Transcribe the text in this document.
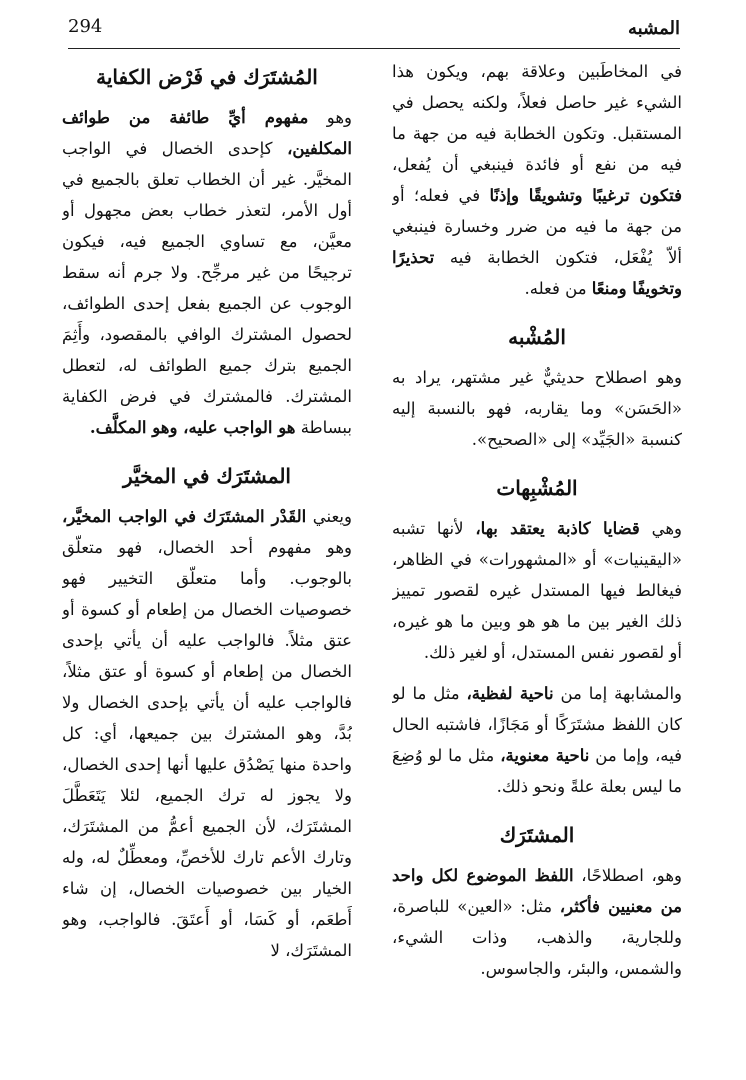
294	المشبه

في المخاطَبين وعلاقة بهم، ويكون هذا الشيء غير حاصل فعلاً، ولكنه يحصل في المستقبل. وتكون الخطابة فيه من جهة ما فيه من نفع أو فائدة فينبغي أن يُفعل، فتكون ترغيبًا وتشويقًا وإذنًا في فعله؛ أو من جهة ما فيه من ضرر وخسارة فينبغي ألاّ يُفْعَل، فتكون الخطابة فيه تحذيرًا وتخويفًا ومنعًا من فعله.

المُشْبه

وهو اصطلاح حديثيٌّ غير مشتهر، يراد به «الحَسَن» وما يقاربه، فهو بالنسبة إليه كنسبة «الجَيِّد» إلى «الصحيح».

المُشْبِهات

وهي قضايا كاذبة يعتقد بها، لأنها تشبه «اليقينيات» أو «المشهورات» في الظاهر، فيغالط فيها المستدل غيره لقصور تمييز ذلك الغير بين ما هو هو وبين ما هو غيره، أو لقصور نفس المستدل، أو لغير ذلك.

والمشابهة إما من ناحية لفظية، مثل ما لو كان اللفظ مشتَرَكًا أو مَجَازًا، فاشتبه الحال فيه، وإما من ناحية معنوية، مثل ما لو وُضِعَ ما ليس بعلة علةً ونحو ذلك.

المشتَرَك

وهو، اصطلاحًا، اللفظ الموضوع لكل واحد من معنيين فأكثر، مثل: «العين» للباصرة، وللجارية، والذهب، وذات الشيء، والشمس، والبئر، والجاسوس.

المُشتَرَك في فَرْض الكفاية

وهو مفهوم أيِّ طائفة من طوائف المكلفين، كإحدى الخصال في الواجب المخيَّر. غير أن الخطاب تعلق بالجميع في أول الأمر، لتعذر خطاب بعض مجهول أو معيَّن، مع تساوي الجميع فيه، فيكون ترجيحًا من غير مرجِّح. ولا جرم أنه سقط الوجوب عن الجميع بفعل إحدى الطوائف، لحصول المشترك الوافي بالمقصود، وأَثِمَ الجميع بترك جميع الطوائف له، لتعطل المشترك. فالمشترك في فرض الكفاية ببساطة هو الواجب عليه، وهو المكلَّف.

المشتَرَك في المخيَّر

ويعني القَدْر المشتَرَك في الواجب المخيَّر، وهو مفهوم أحد الخصال، فهو متعلّق بالوجوب. وأما متعلّق التخيير فهو خصوصيات الخصال من إطعام أو كسوة أو عتق مثلاً. فالواجب عليه أن يأتي بإحدى الخصال من إطعام أو كسوة أو عتق مثلاً، فالواجب عليه أن يأتي بإحدى الخصال ولا بُدَّ، وهو المشترك بين جميعها، أي: كل واحدة منها يَصْدُق عليها أنها إحدى الخصال، ولا يجوز له ترك الجميع، لئلا يَتَعَطَّلَ المشتَرَك، لأن الجميع أعمُّ من المشتَرَك، وتارك الأعم تارك للأخصِّ، ومعطِّلٌ له، وله الخيار بين خصوصيات الخصال، إن شاء أَطعَم، أو كَسَا، أو أَعتَقَ. فالواجب، وهو المشتَرَك، لا
